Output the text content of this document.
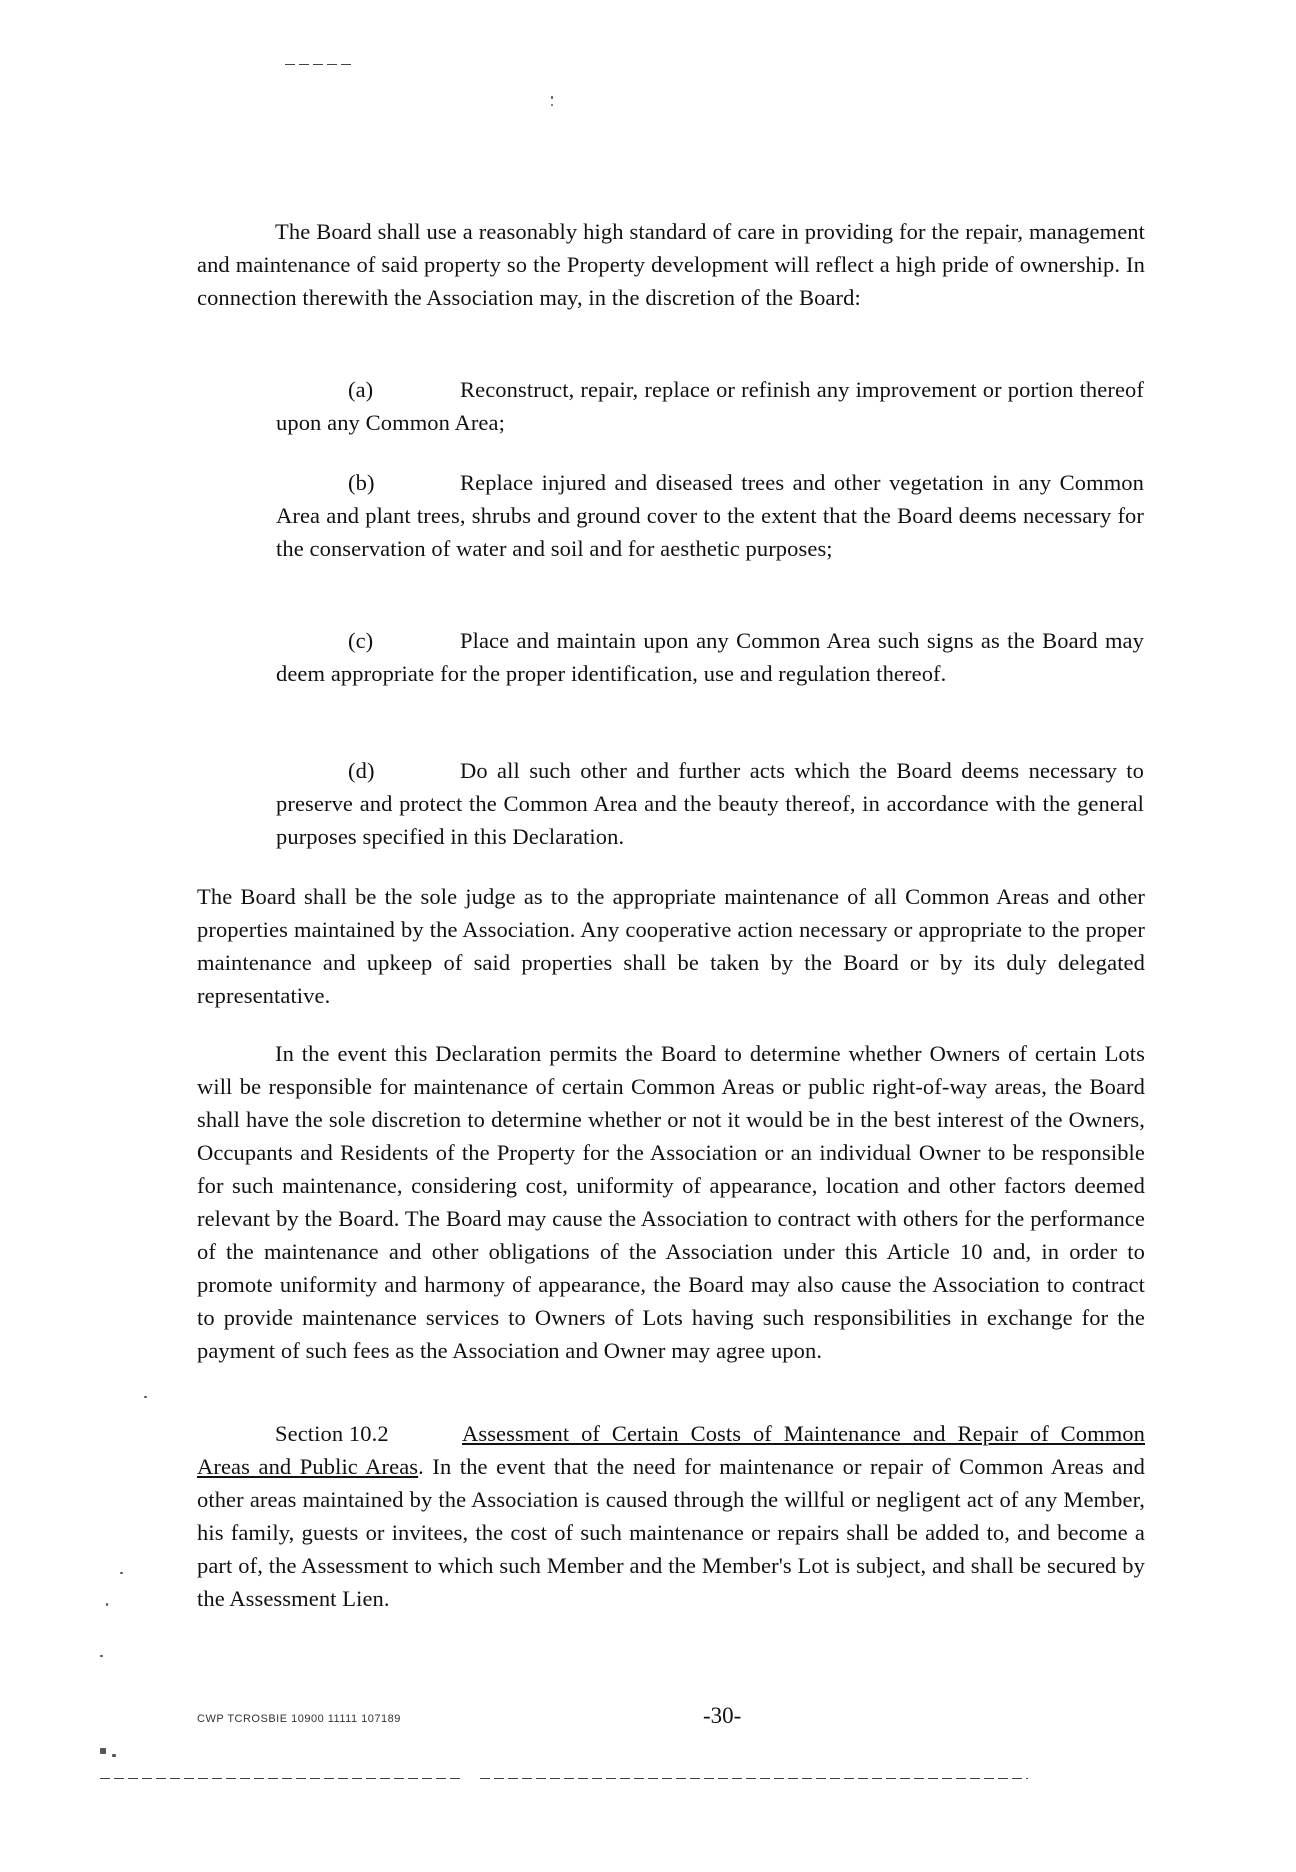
The Board shall use a reasonably high standard of care in providing for the repair, management and maintenance of said property so the Property development will reflect a high pride of ownership. In connection therewith the Association may, in the discretion of the Board:
(a)	Reconstruct, repair, replace or refinish any improvement or portion thereof upon any Common Area;
(b)	Replace injured and diseased trees and other vegetation in any Common Area and plant trees, shrubs and ground cover to the extent that the Board deems necessary for the conservation of water and soil and for aesthetic purposes;
(c)	Place and maintain upon any Common Area such signs as the Board may deem appropriate for the proper identification, use and regulation thereof.
(d)	Do all such other and further acts which the Board deems necessary to preserve and protect the Common Area and the beauty thereof, in accordance with the general purposes specified in this Declaration.
The Board shall be the sole judge as to the appropriate maintenance of all Common Areas and other properties maintained by the Association. Any cooperative action necessary or appropriate to the proper maintenance and upkeep of said properties shall be taken by the Board or by its duly delegated representative.
In the event this Declaration permits the Board to determine whether Owners of certain Lots will be responsible for maintenance of certain Common Areas or public right-of-way areas, the Board shall have the sole discretion to determine whether or not it would be in the best interest of the Owners, Occupants and Residents of the Property for the Association or an individual Owner to be responsible for such maintenance, considering cost, uniformity of appearance, location and other factors deemed relevant by the Board. The Board may cause the Association to contract with others for the performance of the maintenance and other obligations of the Association under this Article 10 and, in order to promote uniformity and harmony of appearance, the Board may also cause the Association to contract to provide maintenance services to Owners of Lots having such responsibilities in exchange for the payment of such fees as the Association and Owner may agree upon.
Section 10.2	Assessment of Certain Costs of Maintenance and Repair of Common Areas and Public Areas. In the event that the need for maintenance or repair of Common Areas and other areas maintained by the Association is caused through the willful or negligent act of any Member, his family, guests or invitees, the cost of such maintenance or repairs shall be added to, and become a part of, the Assessment to which such Member and the Member's Lot is subject, and shall be secured by the Assessment Lien.
CWP TCROSBIE 10900 11111 107189	-30-
